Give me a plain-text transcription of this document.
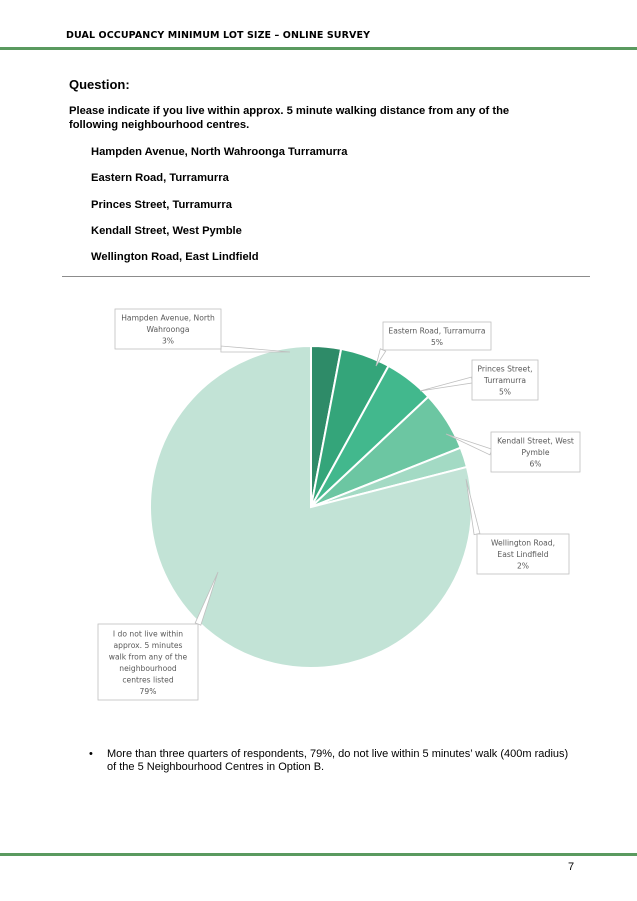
DUAL OCCUPANCY MINIMUM LOT SIZE – ONLINE SURVEY
Question:
Please indicate if you live within approx. 5 minute walking distance from any of the following neighbourhood centres.
Hampden Avenue, North Wahroonga Turramurra
Eastern Road, Turramurra
Princes Street, Turramurra
Kendall Street, West Pymble
Wellington Road, East Lindfield
Hampden Avenue, North
Wahroonga
3%
Eastern Road, Turramurra
5%
Princes Street,
Turramurra
5%
Kendall Street, West
Pymble
6%
Wellington Road,
East Lindfield
2%
I do not live within
approx. 5 minutes
walk from any of the
neighbourhood
centres listed
79%
• More than three quarters of respondents, 79%, do not live within 5 minutes’ walk (400m radius) of the 5 Neighbourhood Centres in Option B.
7
